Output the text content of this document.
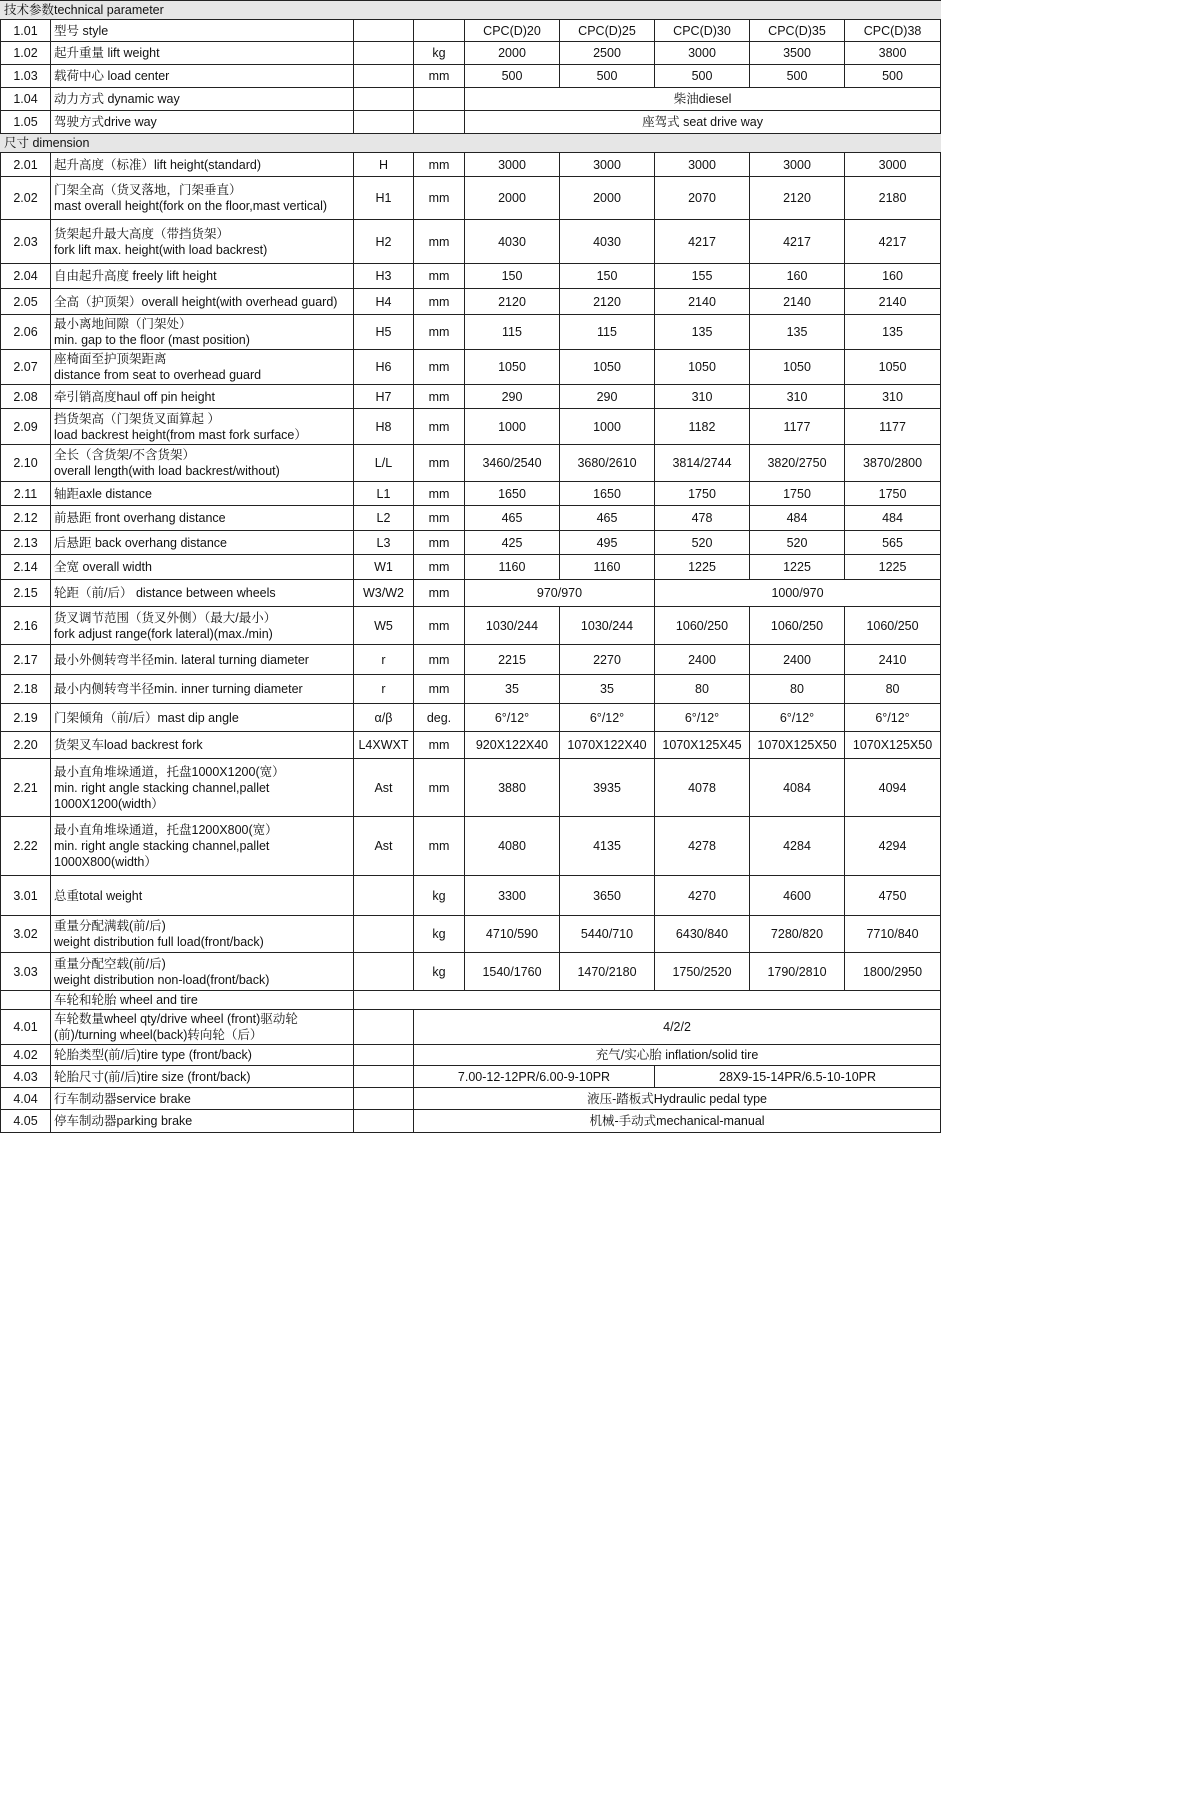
技术参数technical parameter								
1.01	型号 style			CPC(D)20	CPC(D)25	CPC(D)30	CPC(D)35	CPC(D)38
1.02	起升重量 lift weight		kg	2000	2500	3000	3500	3800
1.03	载荷中心 load center		mm	500	500	500	500	500
1.04	动力方式 dynamic way			柴油diesel				
1.05	驾驶方式drive way			座驾式 seat drive way				
尺寸 dimension								
2.01	起升高度（标准）lift height(standard)	H	mm	3000	3000	3000	3000	3000
2.02	门架全高（货叉落地，门架垂直）
mast overall height(fork on the floor,mast vertical)	H1	mm	2000	2000	2070	2120	2180
2.03	货架起升最大高度（带挡货架）
fork lift max. height(with load backrest)	H2	mm	4030	4030	4217	4217	4217
2.04	自由起升高度 freely lift height	H3	mm	150	150	155	160	160
2.05	全高（护顶架）overall height(with overhead guard)	H4	mm	2120	2120	2140	2140	2140
2.06	最小离地间隙（门架处）
min. gap to the floor (mast position)	H5	mm	115	115	135	135	135
2.07	座椅面至护顶架距离
distance from seat to overhead guard	H6	mm	1050	1050	1050	1050	1050
2.08	牵引销高度haul off pin height	H7	mm	290	290	310	310	310
2.09	挡货架高（门架货叉面算起 ）
load backrest height(from mast fork surface）	H8	mm	1000	1000	1182	1177	1177
2.10	全长（含货架/不含货架）
overall length(with load backrest/without)	L/L	mm	3460/2540	3680/2610	3814/2744	3820/2750	3870/2800
2.11	轴距axle distance	L1	mm	1650	1650	1750	1750	1750
2.12	前悬距 front overhang distance	L2	mm	465	465	478	484	484
2.13	后悬距 back overhang distance	L3	mm	425	495	520	520	565
2.14	全宽 overall width	W1	mm	1160	1160	1225	1225	1225
2.15	轮距（前/后） distance between wheels	W3/W2	mm	970/970		1000/970		
2.16	货叉调节范围（货叉外侧）（最大/最小）
fork adjust range(fork lateral)(max./min)	W5	mm	1030/244	1030/244	1060/250	1060/250	1060/250
2.17	最小外侧转弯半径min. lateral turning diameter	r	mm	2215	2270	2400	2400	2410
2.18	最小内侧转弯半径min. inner turning diameter	r	mm	35	35	80	80	80
2.19	门架倾角（前/后）mast dip angle	α/β	deg.	6°/12°	6°/12°	6°/12°	6°/12°	6°/12°
2.20	货架叉车load backrest fork	L4XWXT	mm	920X122X40	1070X122X40	1070X125X45	1070X125X50	1070X125X50
2.21	最小直角堆垛通道，托盘1000X1200(宽）
min. right angle stacking channel,pallet
1000X1200(width）	Ast	mm	3880	3935	4078	4084	4094
2.22	最小直角堆垛通道，托盘1200X800(宽）
min. right angle stacking channel,pallet
1000X800(width）	Ast	mm	4080	4135	4278	4284	4294
3.01	总重total weight		kg	3300	3650	4270	4600	4750
3.02	重量分配满载(前/后)
weight distribution full load(front/back)		kg	4710/590	5440/710	6430/840	7280/820	7710/840
3.03	重量分配空载(前/后)
weight distribution non-load(front/back)		kg	1540/1760	1470/2180	1750/2520	1790/2810	1800/2950
	车轮和轮胎 wheel and tire							
4.01	车轮数量wheel qty/drive wheel (front)驱动轮
(前)/turning wheel(back)转向轮（后）		4/2/2					
4.02	轮胎类型(前/后)tire type (front/back)		充气/实心胎 inflation/solid tire					
4.03	轮胎尺寸(前/后)tire size (front/back)		7.00-12-12PR/6.00-9-10PR			28X9-15-14PR/6.5-10-10PR		
4.04	行车制动器service brake		液压-踏板式Hydraulic pedal type					
4.05	停车制动器parking brake		机械-手动式mechanical-manual					
